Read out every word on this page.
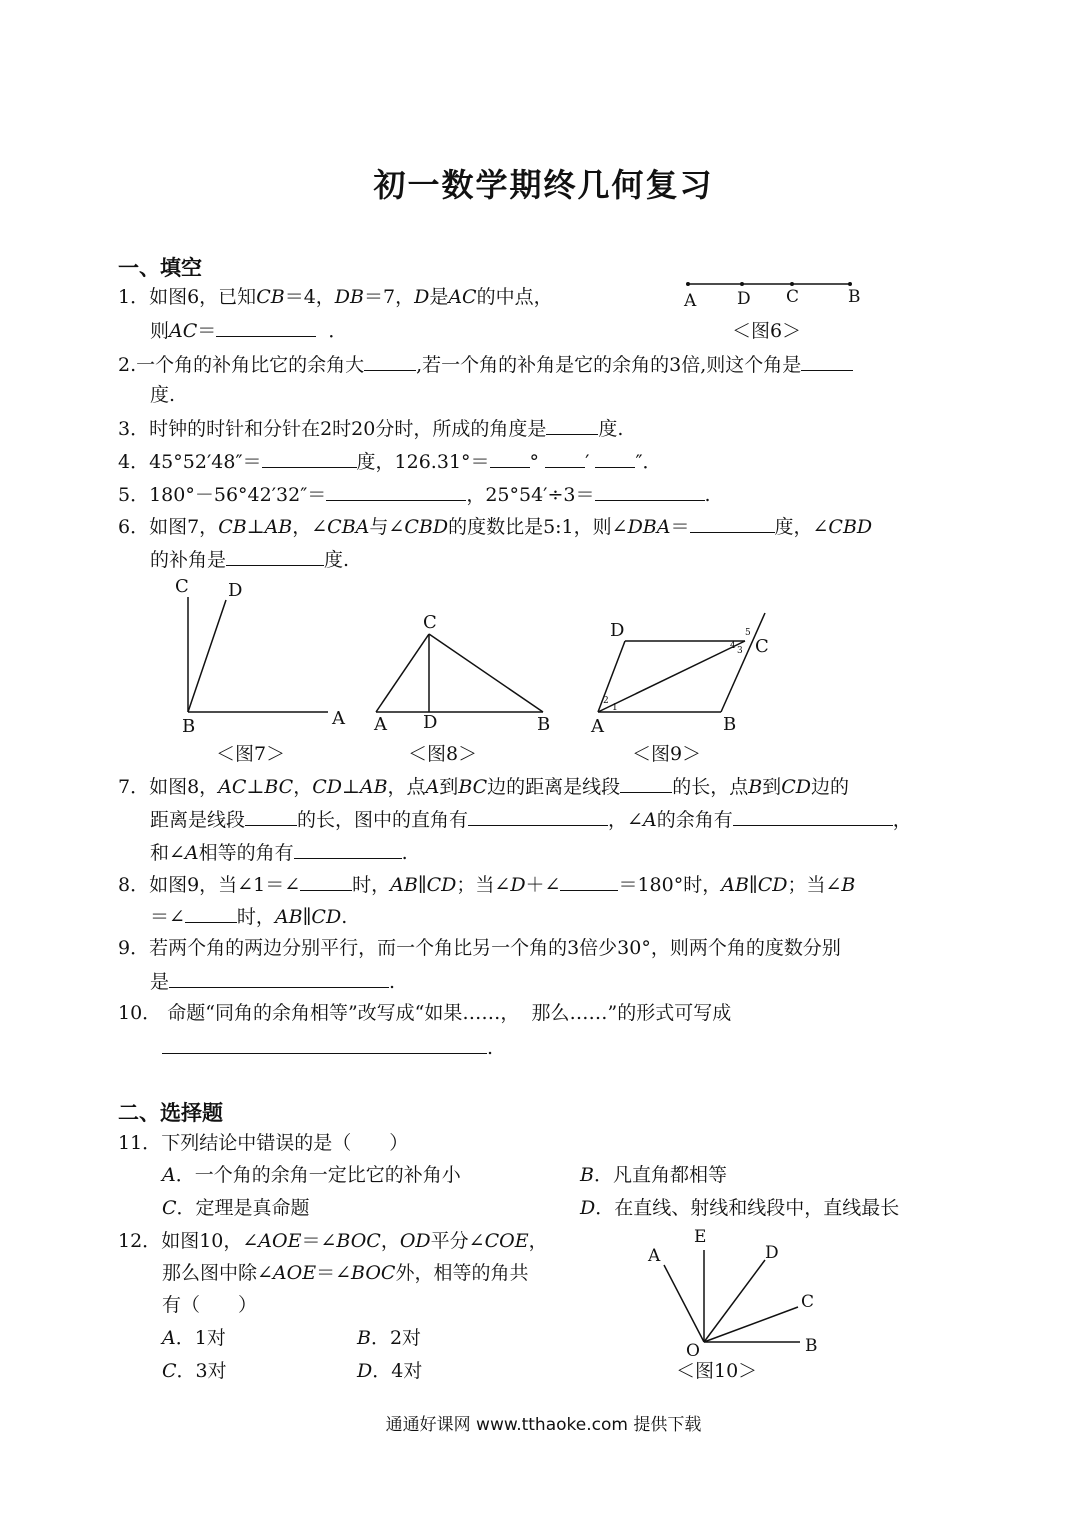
初一数学期终几何复习
一、填空
1．如图6，已知CB＝4，DB＝7，D是AC的中点，
则AC＝	．
A D C	B
＜图6＞
2.一个角的补角比它的余角大	,若一个角的补角是它的余角的3倍,则这个角是
度.
3．时钟的时针和分针在2时20分时，所成的角度是	度.
4．45°52′48″＝	度，126.31°＝ ° ′ ″．
5．180°－56°42′32″＝	，25°54′÷3＝	.
6．如图7，CB⊥AB，∠CBA与∠CBD的度数比是5:1，则∠DBA＝	度，∠CBD
的补角是	度.
C D
B	A
＜图7＞
C
A D	B
＜图8＞
D
C
A	B
1
2
3
4
5
＜图9＞
7．如图8，AC⊥BC，CD⊥AB，点A到BC边的距离是线段	的长，点B到CD边的
距离是线段	的长，图中的直角有	，∠A的余角有	，
和∠A相等的角有	.
8．如图9，当∠1＝∠	时，AB∥CD；当∠D＋∠	＝180°时，AB∥CD；当∠B
＝∠	时，AB∥CD.
9．若两个角的两边分别平行，而一个角比另一个角的3倍少30°，则两个角的度数分别
是	.
10． 命题“同角的余角相等”改写成“如果……， 那么……”的形式可写成
.
二、选择题
11．下列结论中错误的是（　　）
A．一个角的余角一定比它的补角小	B．凡直角都相等
C．定理是真命题	D．在直线、射线和线段中，直线最长
12．如图10，∠AOE＝∠BOC，OD平分∠COE，
那么图中除∠AOE＝∠BOC外，相等的角共
有（　　）
A．1对	B．2对
C．3对	D．4对
E
A	D
C
O	B
＜图10＞
通通好课网 www.tthaoke.com 提供下载
